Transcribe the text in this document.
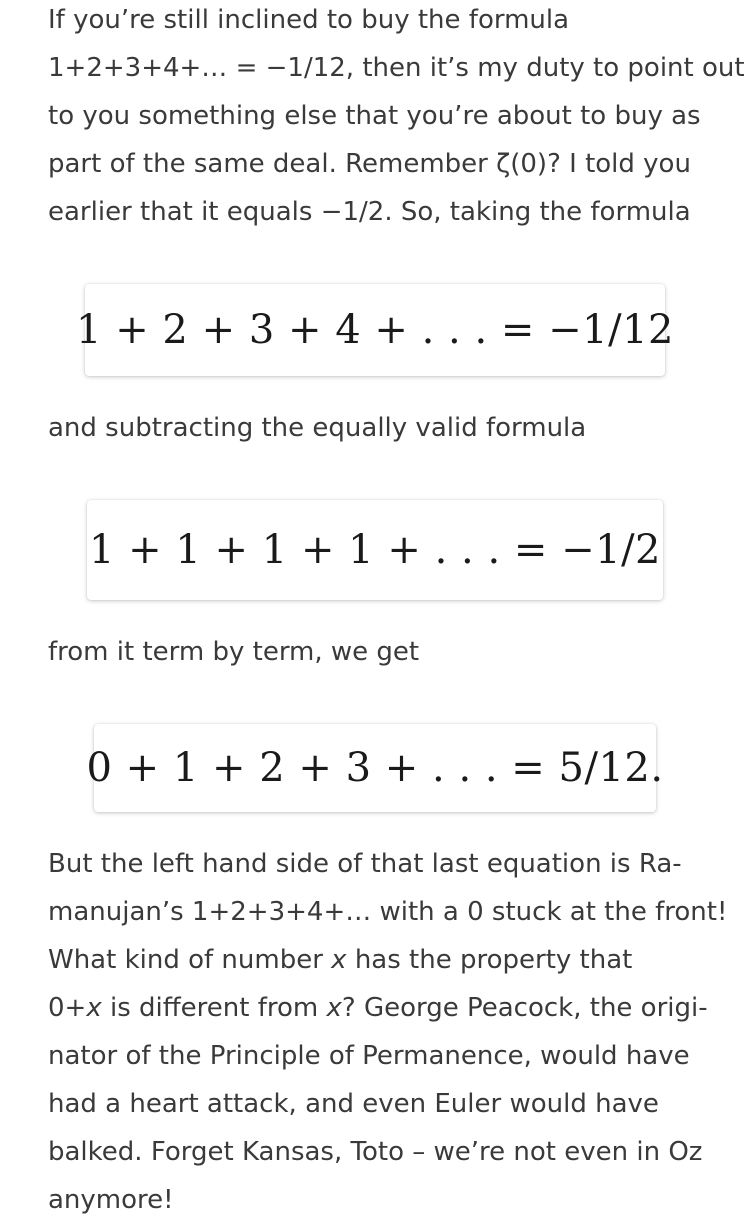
If you’re still inclined to buy the formula
1+2+3+4+… = −1/12, then it’s my duty to point out
to you something else that you’re about to buy as
part of the same deal. Remember ζ(0)? I told you
earlier that it equals −1/2. So, taking the formula

1 + 2 + 3 + 4 + . . . = −1/12

and subtracting the equally valid formula

1 + 1 + 1 + 1 + . . . = −1/2

from it term by term, we get

0 + 1 + 2 + 3 + . . . = 5/12.

But the left hand side of that last equation is Ra-
manujan’s 1+2+3+4+… with a 0 stuck at the front!
What kind of number x has the property that
0+x is different from x? George Peacock, the origi-
nator of the Principle of Permanence, would have
had a heart attack, and even Euler would have
balked. Forget Kansas, Toto – we’re not even in Oz
anymore!
